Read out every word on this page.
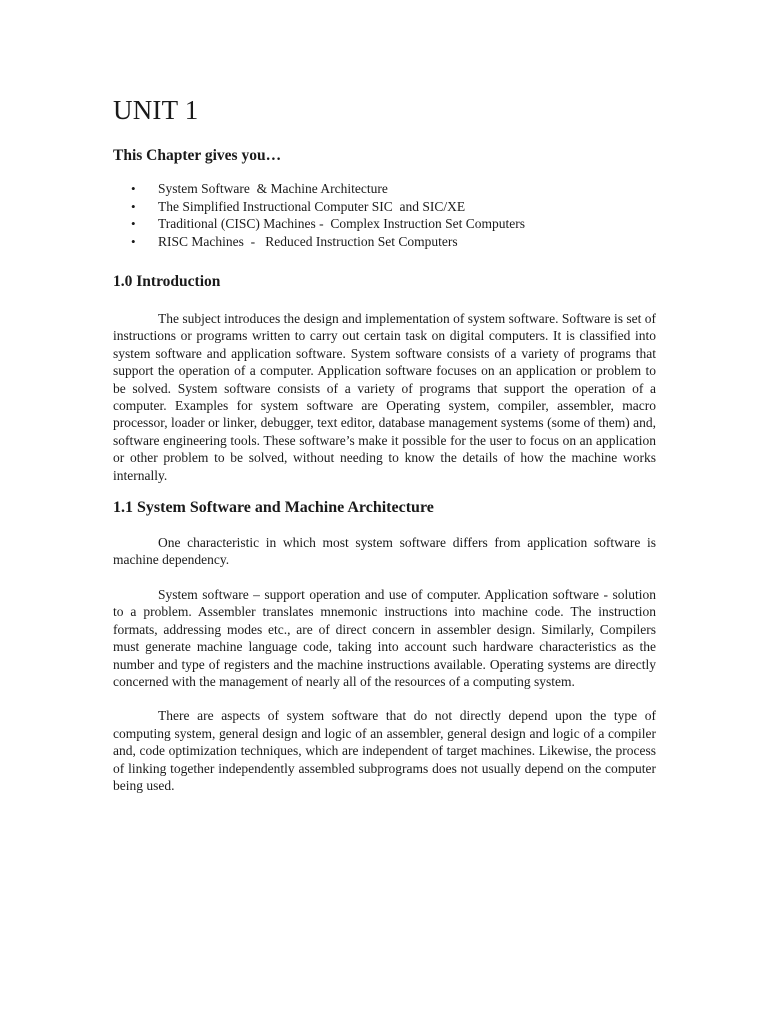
UNIT 1

This Chapter gives you…

•	System Software  & Machine Architecture
•	The Simplified Instructional Computer SIC  and SIC/XE
•	Traditional (CISC) Machines -  Complex Instruction Set Computers
•	RISC Machines  -   Reduced Instruction Set Computers
1.0 Introduction

The subject introduces the design and implementation of system software. Software is set of instructions or programs written to carry out certain task on digital computers. It is classified into system software and application software. System software consists of a variety of programs that support the operation of a computer. Application software focuses on an application or problem to be solved. System software consists of a variety of programs that support the operation of a computer. Examples for system software are Operating system, compiler, assembler, macro processor, loader or linker, debugger, text editor, database management systems (some of them) and, software engineering tools. These software’s make it possible for the user to focus on an application or other problem to be solved, without needing to know the details of how the machine works internally.

1.1 System Software and Machine Architecture

One characteristic in which most system software differs from application software is machine dependency.

System software – support operation and use of computer. Application software - solution to a problem. Assembler translates mnemonic instructions into machine code. The instruction formats, addressing modes etc., are of direct concern in assembler design. Similarly, Compilers must generate machine language code, taking into account such hardware characteristics as the number and type of registers and the machine instructions available. Operating systems are directly concerned with the management of nearly all of the resources of a computing system.

There are aspects of system software that do not directly depend upon the type of computing system, general design and logic of an assembler, general design and logic of a compiler and, code optimization techniques, which are independent of target machines. Likewise, the process of linking together independently assembled subprograms does not usually depend on the computer being used.
